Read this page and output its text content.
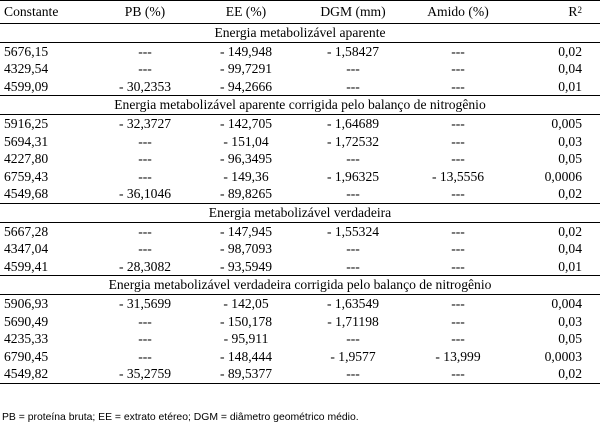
Constante	PB (%)	EE (%)	DGM (mm)	Amido (%)	$R^2$
Energia metabolizável aparente					
5676,15	---	- 149,948	- 1,58427	---	0,02
4329,54	---	- 99,7291	---	---	0,04
4599,09	- 30,2353	- 94,2666	---	---	0,01
Energia metabolizável aparente corrigida pelo balanço de nitrogênio					
5916,25	- 32,3727	- 142,705	- 1,64689	---	0,005
5694,31	---	- 151,04	- 1,72532	---	0,03
4227,80	---	- 96,3495	---	---	0,05
6759,43	---	- 149,36	- 1,96325	- 13,5556	0,0006
4549,68	- 36,1046	- 89,8265	---	---	0,02
Energia metabolizável verdadeira					
5667,28	---	- 147,945	- 1,55324	---	0,02
4347,04	---	- 98,7093	---	---	0,04
4599,41	- 28,3082	- 93,5949	---	---	0,01
Energia metabolizável verdadeira corrigida pelo balanço de nitrogênio					
5906,93	- 31,5699	- 142,05	- 1,63549	---	0,004
5690,49	---	- 150,178	- 1,71198	---	0,03
4235,33	---	- 95,911	---	---	0,05
6790,45	---	- 148,444	- 1,9577	- 13,999	0,0003
4549,82	- 35,2759	- 89,5377	---	---	0,02
PB = proteína bruta; EE = extrato etéreo; DGM = diâmetro geométrico médio.
